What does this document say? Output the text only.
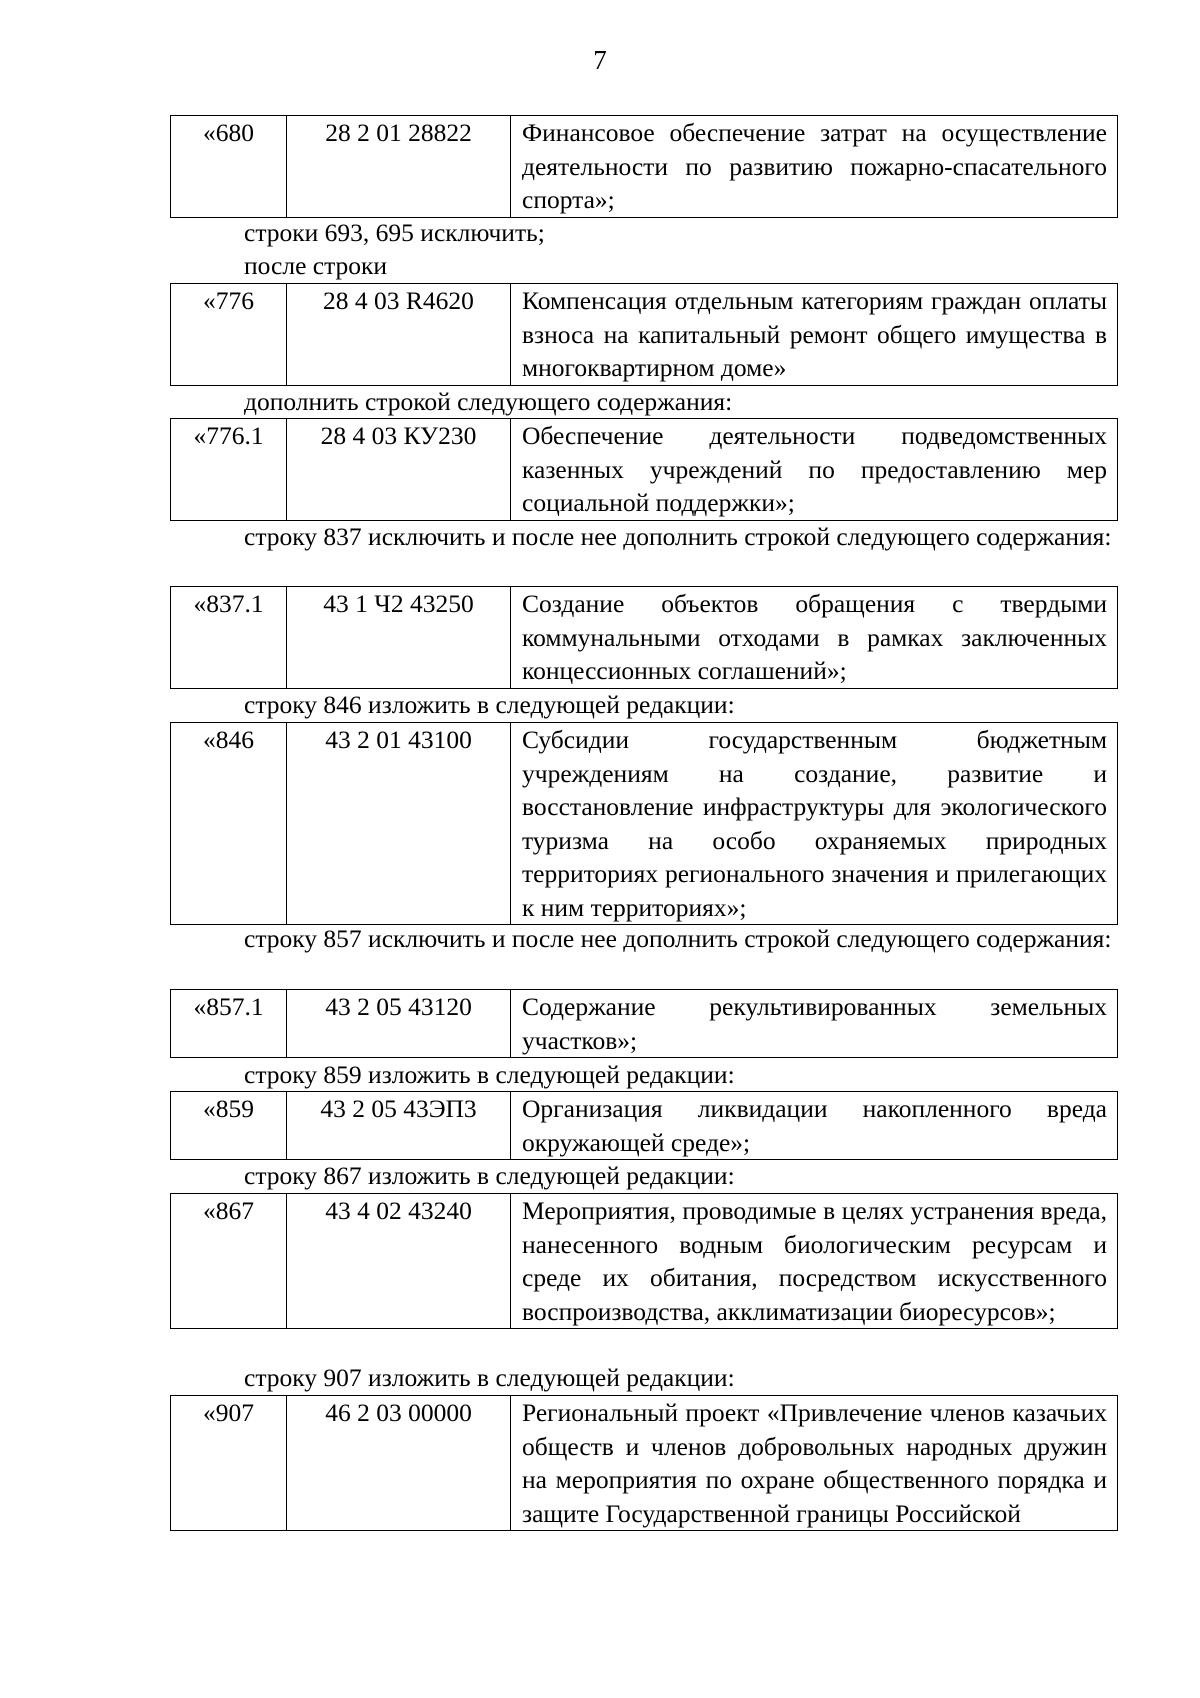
7
«680	28 2 01 28822	Финансовое обеспечение затрат на осуществление деятельности по развитию пожарно-спасательного спорта»;
строки 693, 695 исключить;
после строки
«776	28 4 03 R4620	Компенсация отдельным категориям граждан оплаты взноса на капитальный ремонт общего имущества в многоквартирном доме»
дополнить строкой следующего содержания:
«776.1	28 4 03 КУ230	Обеспечение деятельности подведомственных казенных учреждений по предоставлению мер социальной поддержки»;
строку 837 исключить и после нее дополнить строкой следующего содержания:
«837.1	43 1 Ч2 43250	Создание объектов обращения с твердыми коммунальными отходами в рамках заключенных концессионных соглашений»;
строку 846 изложить в следующей редакции:
«846	43 2 01 43100	Субсидии государственным бюджетным учреждениям на создание, развитие и восстановление инфраструктуры для экологического туризма на особо охраняемых природных территориях регионального значения и прилегающих к ним территориях»;
строку 857 исключить и после нее дополнить строкой следующего содержания:
«857.1	43 2 05 43120	Содержание рекультивированных земельных участков»;
строку 859 изложить в следующей редакции:
«859	43 2 05 43ЭП3	Организация ликвидации накопленного вреда окружающей среде»;
строку 867 изложить в следующей редакции:
«867	43 4 02 43240	Мероприятия, проводимые в целях устранения вреда, нанесенного водным биологическим ресурсам и среде их обитания, посредством искусственного воспроизводства, акклиматизации биоресурсов»;
строку 907 изложить в следующей редакции:
«907	46 2 03 00000	Региональный проект «Привлечение членов казачьих обществ и членов добровольных народных дружин на мероприятия по охране общественного порядка и защите Государственной границы Российской
